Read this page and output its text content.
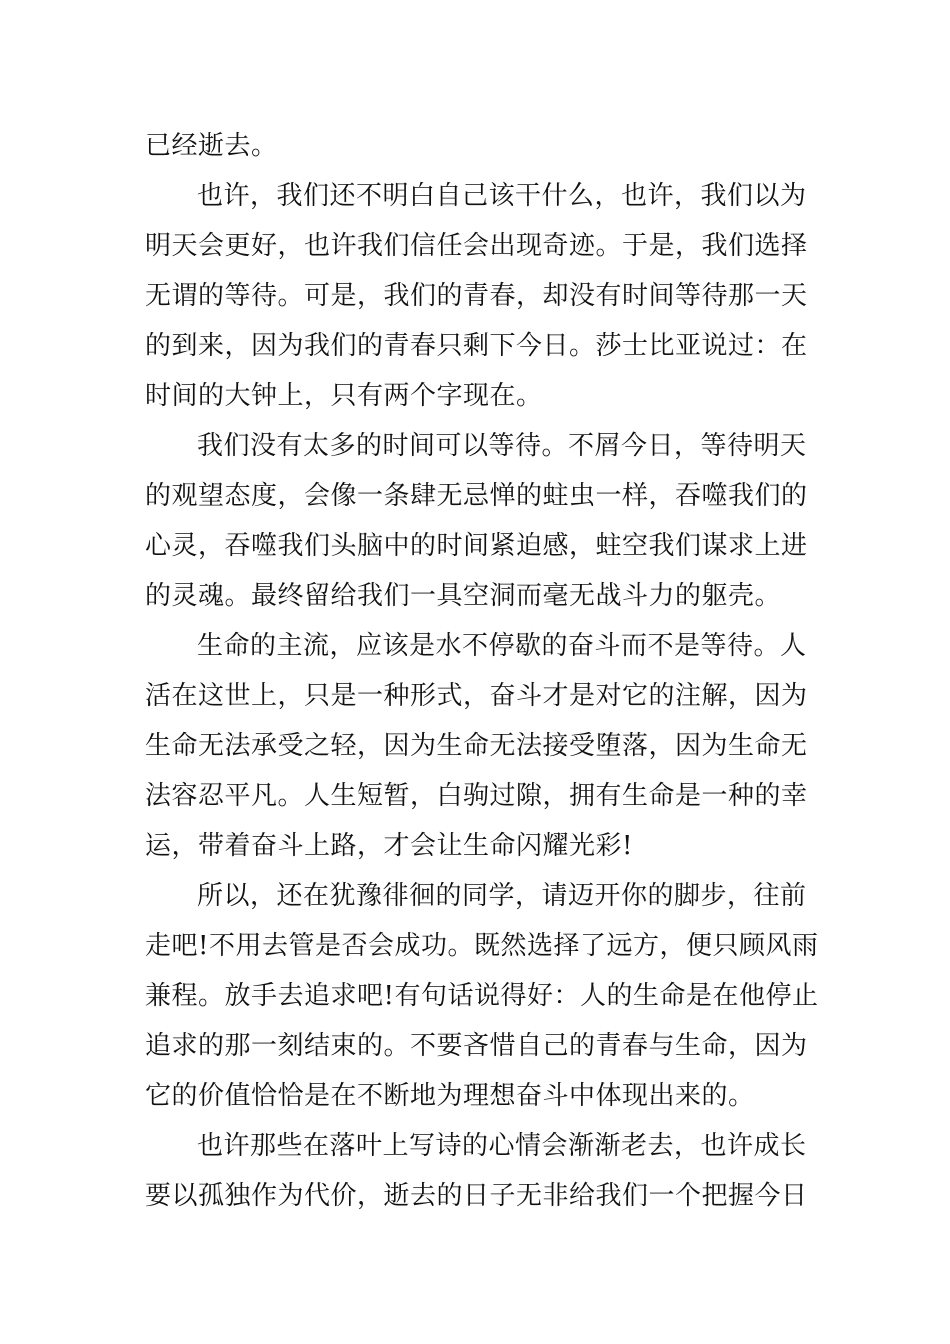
已经逝去。
也许，我们还不明白自己该干什么，也许，我们以为
明天会更好，也许我们信任会出现奇迹。于是，我们选择
无谓的等待。可是，我们的青春，却没有时间等待那一天
的到来，因为我们的青春只剩下今日。莎士比亚说过：在
时间的大钟上，只有两个字现在。
我们没有太多的时间可以等待。不屑今日，等待明天
的观望态度，会像一条肆无忌惮的蛀虫一样，吞噬我们的
心灵，吞噬我们头脑中的时间紧迫感，蛀空我们谋求上进
的灵魂。最终留给我们一具空洞而毫无战斗力的躯壳。
生命的主流，应该是水不停歇的奋斗而不是等待。人
活在这世上，只是一种形式，奋斗才是对它的注解，因为
生命无法承受之轻，因为生命无法接受堕落，因为生命无
法容忍平凡。人生短暂，白驹过隙，拥有生命是一种的幸
运，带着奋斗上路，才会让生命闪耀光彩!
所以，还在犹豫徘徊的同学，请迈开你的脚步，往前
走吧!不用去管是否会成功。既然选择了远方，便只顾风雨
兼程。放手去追求吧!有句话说得好：人的生命是在他停止
追求的那一刻结束的。不要吝惜自己的青春与生命，因为
它的价值恰恰是在不断地为理想奋斗中体现出来的。
也许那些在落叶上写诗的心情会渐渐老去，也许成长
要以孤独作为代价，逝去的日子无非给我们一个把握今日
